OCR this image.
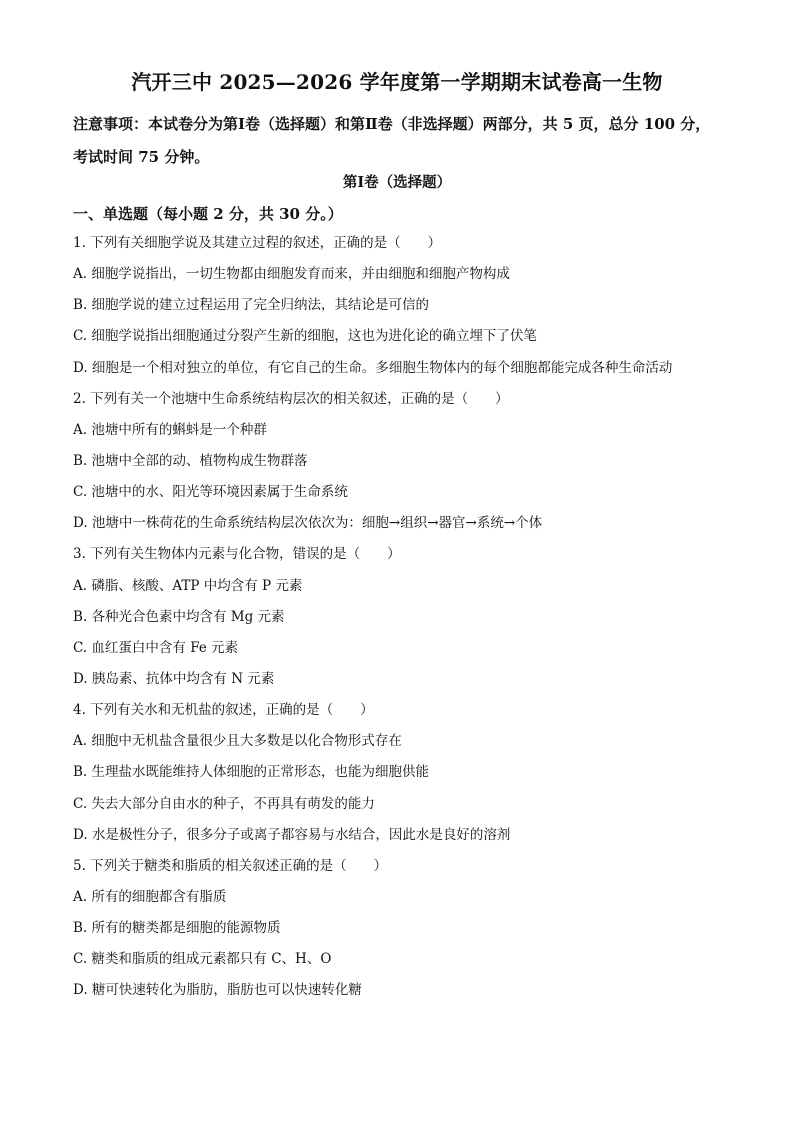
汽开三中 2025—2026 学年度第一学期期末试卷高一生物
注意事项：本试卷分为第Ⅰ卷（选择题）和第Ⅱ卷（非选择题）两部分，共 5 页，总分 100 分，
考试时间 75 分钟。
第Ⅰ卷（选择题）
一、单选题（每小题 2 分，共 30 分。）
1. 下列有关细胞学说及其建立过程的叙述，正确的是（　　）
A. 细胞学说指出，一切生物都由细胞发育而来，并由细胞和细胞产物构成
B. 细胞学说的建立过程运用了完全归纳法，其结论是可信的
C. 细胞学说指出细胞通过分裂产生新的细胞，这也为进化论的确立埋下了伏笔
D. 细胞是一个相对独立的单位，有它自己的生命。多细胞生物体内的每个细胞都能完成各种生命活动
2. 下列有关一个池塘中生命系统结构层次的相关叙述，正确的是（　　）
A. 池塘中所有的蝌蚪是一个种群
B. 池塘中全部的动、植物构成生物群落
C. 池塘中的水、阳光等环境因素属于生命系统
D. 池塘中一株荷花的生命系统结构层次依次为：细胞→组织→器官→系统→个体
3. 下列有关生物体内元素与化合物，错误的是（　　）
A. 磷脂、核酸、ATP 中均含有 P 元素
B. 各种光合色素中均含有 Mg 元素
C. 血红蛋白中含有 Fe 元素
D. 胰岛素、抗体中均含有 N 元素
4. 下列有关水和无机盐的叙述，正确的是（　　）
A. 细胞中无机盐含量很少且大多数是以化合物形式存在
B. 生理盐水既能维持人体细胞的正常形态，也能为细胞供能
C. 失去大部分自由水的种子，不再具有萌发的能力
D. 水是极性分子，很多分子或离子都容易与水结合，因此水是良好的溶剂
5. 下列关于糖类和脂质的相关叙述正确的是（　　）
A. 所有的细胞都含有脂质
B. 所有的糖类都是细胞的能源物质
C. 糖类和脂质的组成元素都只有 C、H、O
D. 糖可快速转化为脂肪，脂肪也可以快速转化糖
